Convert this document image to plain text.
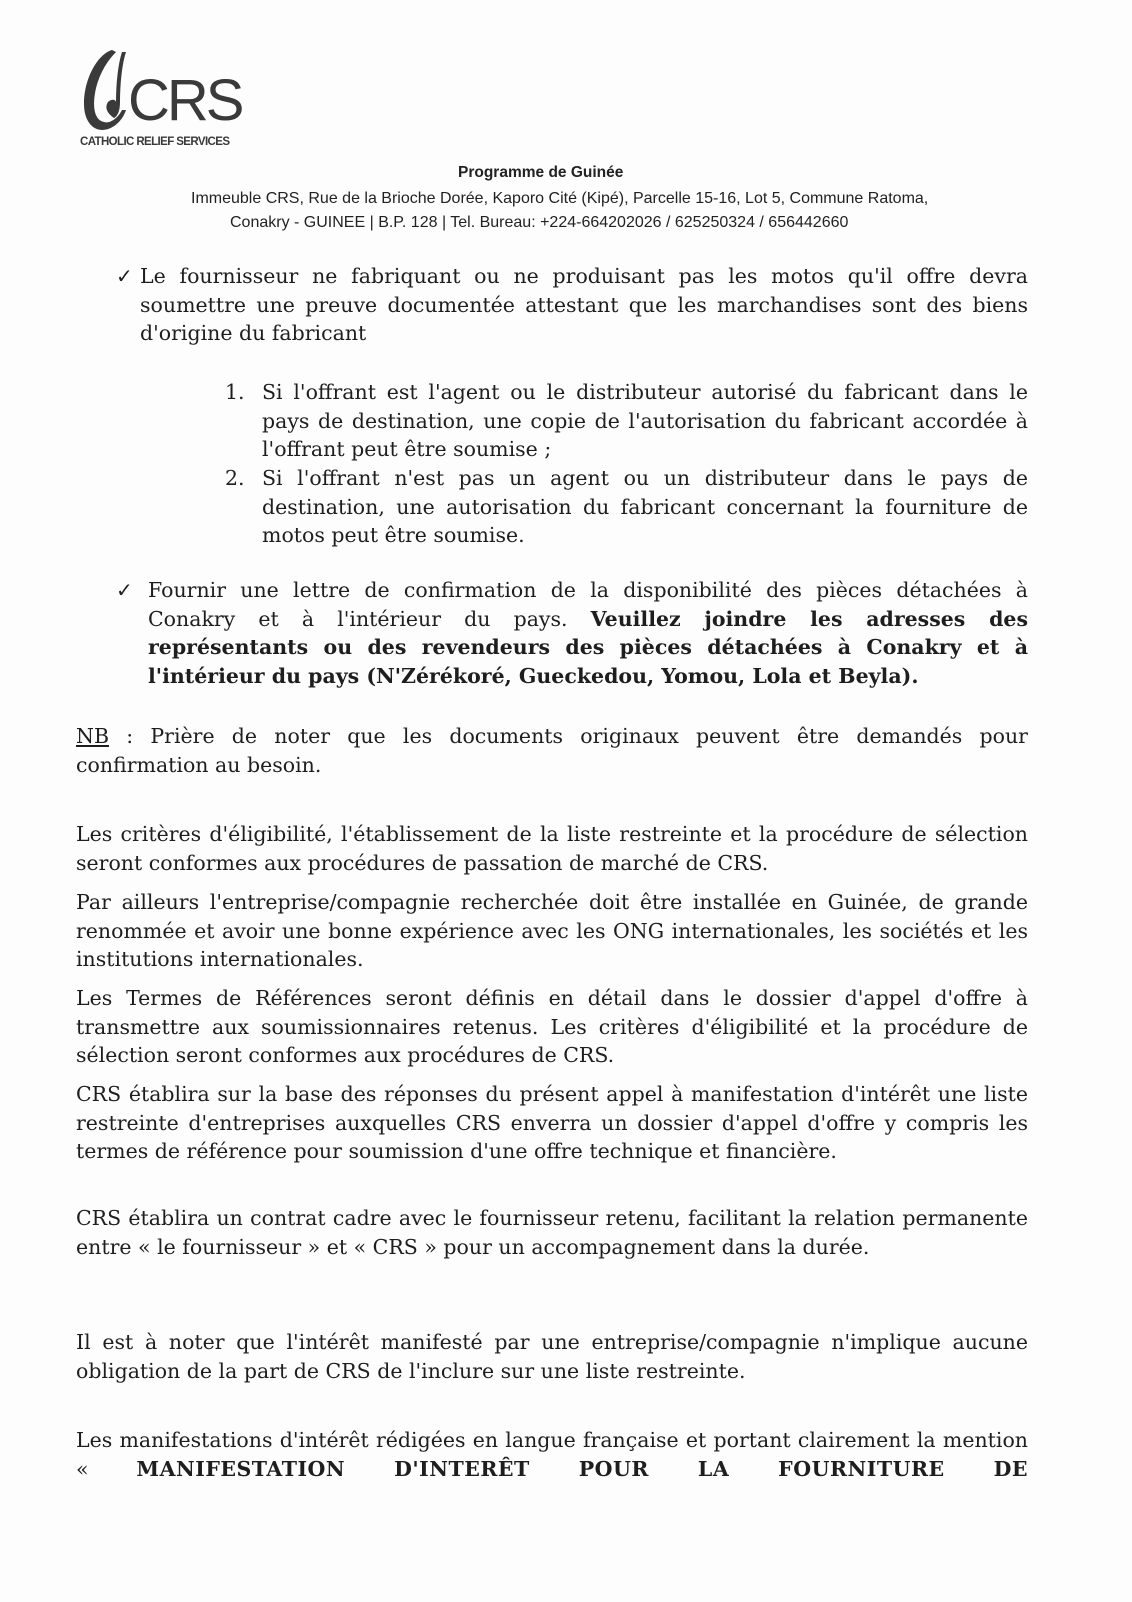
CRS
CATHOLIC RELIEF SERVICES
Programme de Guinée
Immeuble CRS, Rue de la Brioche Dorée, Kaporo Cité (Kipé), Parcelle 15-16, Lot 5, Commune Ratoma,
Conakry - GUINEE | B.P. 128 | Tel. Bureau: +224-664202026 / 625250324 / 656442660
✓ Le fournisseur ne fabriquant ou ne produisant pas les motos qu'il offre devra soumettre une preuve documentée attestant que les marchandises sont des biens d'origine du fabricant

1. Si l'offrant est l'agent ou le distributeur autorisé du fabricant dans le pays de destination, une copie de l'autorisation du fabricant accordée à l'offrant peut être soumise ;

2. Si l'offrant n'est pas un agent ou un distributeur dans le pays de destination, une autorisation du fabricant concernant la fourniture de motos peut être soumise.

✓ Fournir une lettre de confirmation de la disponibilité des pièces détachées à Conakry et à l'intérieur du pays. Veuillez joindre les adresses des représentants ou des revendeurs des pièces détachées à Conakry et à l'intérieur du pays (N'Zérékoré, Gueckedou, Yomou, Lola et Beyla).

NB : Prière de noter que les documents originaux peuvent être demandés pour confirmation au besoin.

Les critères d'éligibilité, l'établissement de la liste restreinte et la procédure de sélection seront conformes aux procédures de passation de marché de CRS.

Par ailleurs l'entreprise/compagnie recherchée doit être installée en Guinée, de grande renommée et avoir une bonne expérience avec les ONG internationales, les sociétés et les institutions internationales.

Les Termes de Références seront définis en détail dans le dossier d'appel d'offre à transmettre aux soumissionnaires retenus. Les critères d'éligibilité et la procédure de sélection seront conformes aux procédures de CRS.

CRS établira sur la base des réponses du présent appel à manifestation d'intérêt une liste restreinte d'entreprises auxquelles CRS enverra un dossier d'appel d'offre y compris les termes de référence pour soumission d'une offre technique et financière.

CRS établira un contrat cadre avec le fournisseur retenu, facilitant la relation permanente entre « le fournisseur » et « CRS » pour un accompagnement dans la durée.

Il est à noter que l'intérêt manifesté par une entreprise/compagnie n'implique aucune obligation de la part de CRS de l'inclure sur une liste restreinte.

Les manifestations d'intérêt rédigées en langue française et portant clairement la mention « MANIFESTATION D'INTERÊT POUR LA FOURNITURE DE
